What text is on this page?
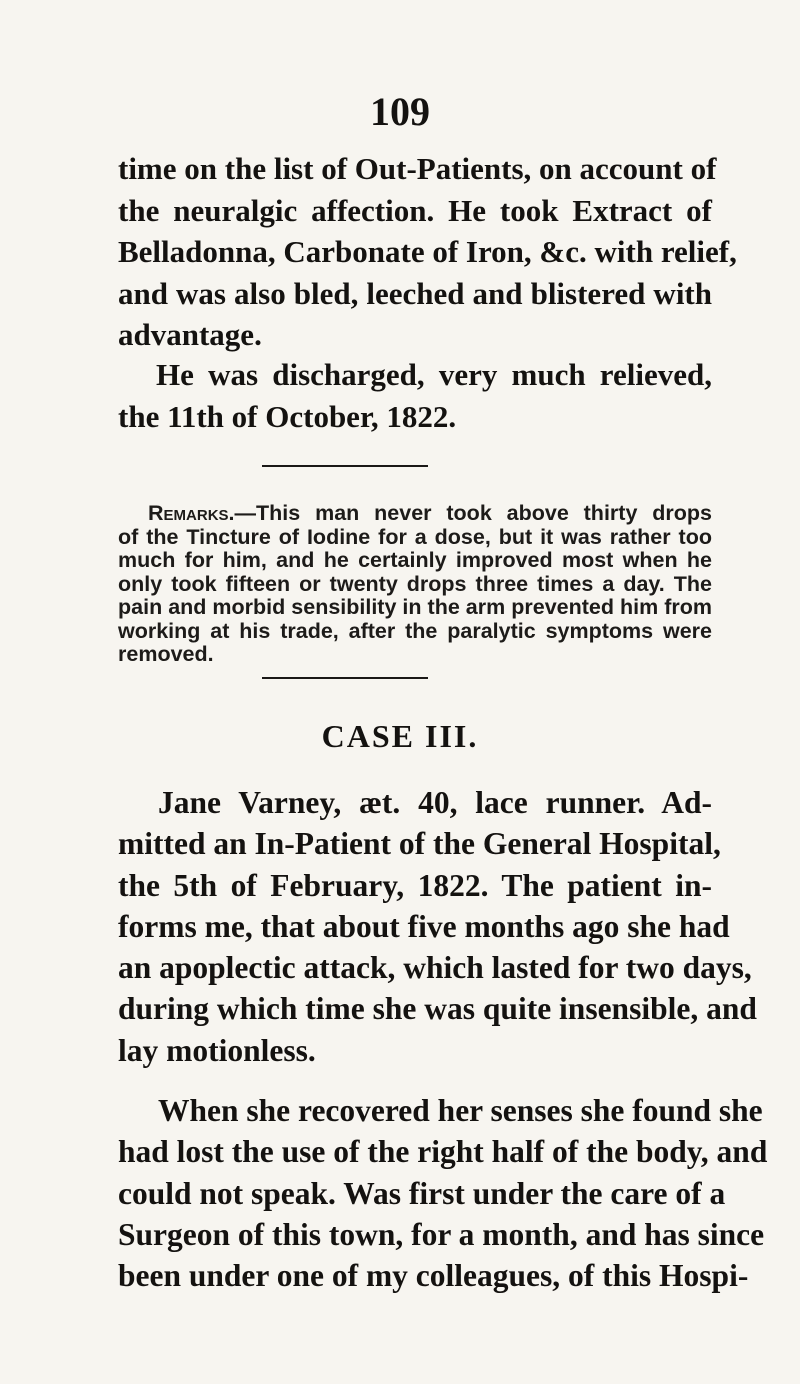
109
time on the list of Out-Patients, on account of
the neuralgic affection. He took Extract of
Belladonna, Carbonate of Iron, &c. with relief,
and was also bled, leeched and blistered with
advantage.
He was discharged, very much relieved,
the 11th of October, 1822.
Remarks.—This man never took above thirty drops
of the Tincture of Iodine for a dose, but it was rather too
much for him, and he certainly improved most when he
only took fifteen or twenty drops three times a day. The
pain and morbid sensibility in the arm prevented him from
working at his trade, after the paralytic symptoms were
removed.
CASE III.
Jane Varney, æt. 40, lace runner. Ad-
mitted an In-Patient of the General Hospital,
the 5th of February, 1822. The patient in-
forms me, that about five months ago she had
an apoplectic attack, which lasted for two days,
during which time she was quite insensible, and
lay motionless.
When she recovered her senses she found she
had lost the use of the right half of the body, and
could not speak. Was first under the care of a
Surgeon of this town, for a month, and has since
been under one of my colleagues, of this Hospi-
